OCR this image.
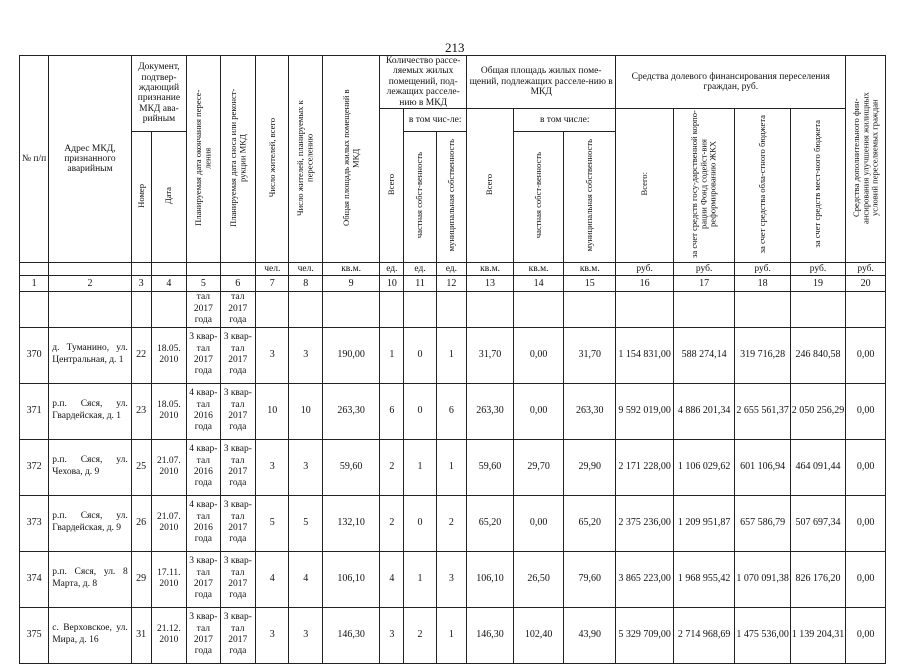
213
№ п/п	Адрес МКД, признанного аварийным	Документ, подтвер-ждающий признание МКД ава-рийным		Планируемая дата окончания пересе-ления	Планируемая дата сноса или реконст-рукции МКД	Число жителей, всего	Число жителей, планируемых к переселению	Общая площадь жилых помещений в МКД	Количество рассе-ляемых жилых помещений, под-лежащих расселе-нию в МКД			Общая площадь жилых поме-щений, подлежащих расселе-нию в МКД			Средства долевого финансирования переселения граждан, руб.				Средства дополнительного фин-ансирования улучшения жилищных условий переселяемых граждан
									Всего	в том чис-ле:		Всего	в том числе:		Всего:	за счет средств госу-дарственной корпо-рации Фонд содейст-вия реформированию ЖКХ	за счет средства обла-стного бюджета	за счет средств мест-ного бюджета	
		Номер	Дата							частная собст-венность	муниципальная собственность		частная собст-венность	муниципальная собственность					
						чел.	чел.	кв.м.	ед.	ед.	ед.	кв.м.	кв.м.	кв.м.	руб.	руб.	руб.	руб.	руб.
1	2	3	4	5	6	7	8	9	10	11	12	13	14	15	16	17	18	19	20
				тал 2017 года	тал 2017 года														
370	д. Туманино, ул. Центральная, д. 1	22	18.05. 2010	3 квар-тал 2017 года	3 квар-тал 2017 года	3	3	190,00	1	0	1	31,70	0,00	31,70	1 154 831,00	588 274,14	319 716,28	246 840,58	0,00
371	р.п. Сяся, ул. Гвардейская, д. 1	23	18.05. 2010	4 квар-тал 2016 года	3 квар-тал 2017 года	10	10	263,30	6	0	6	263,30	0,00	263,30	9 592 019,00	4 886 201,34	2 655 561,37	2 050 256,29	0,00
372	р.п. Сяся, ул. Чехова, д. 9	25	21.07. 2010	4 квар-тал 2016 года	3 квар-тал 2017 года	3	3	59,60	2	1	1	59,60	29,70	29,90	2 171 228,00	1 106 029,62	601 106,94	464 091,44	0,00
373	р.п. Сяся, ул. Гвардейская, д. 9	26	21.07. 2010	4 квар-тал 2016 года	3 квар-тал 2017 года	5	5	132,10	2	0	2	65,20	0,00	65,20	2 375 236,00	1 209 951,87	657 586,79	507 697,34	0,00
374	р.п. Сяся, ул. 8 Марта, д. 8	29	17.11. 2010	3 квар-тал 2017 года	3 квар-тал 2017 года	4	4	106,10	4	1	3	106,10	26,50	79,60	3 865 223,00	1 968 955,42	1 070 091,38	826 176,20	0,00
375	с. Верховское, ул. Мира, д. 16	31	21.12. 2010	3 квар-тал 2017 года	3 квар-тал 2017 года	3	3	146,30	3	2	1	146,30	102,40	43,90	5 329 709,00	2 714 968,69	1 475 536,00	1 139 204,31	0,00
